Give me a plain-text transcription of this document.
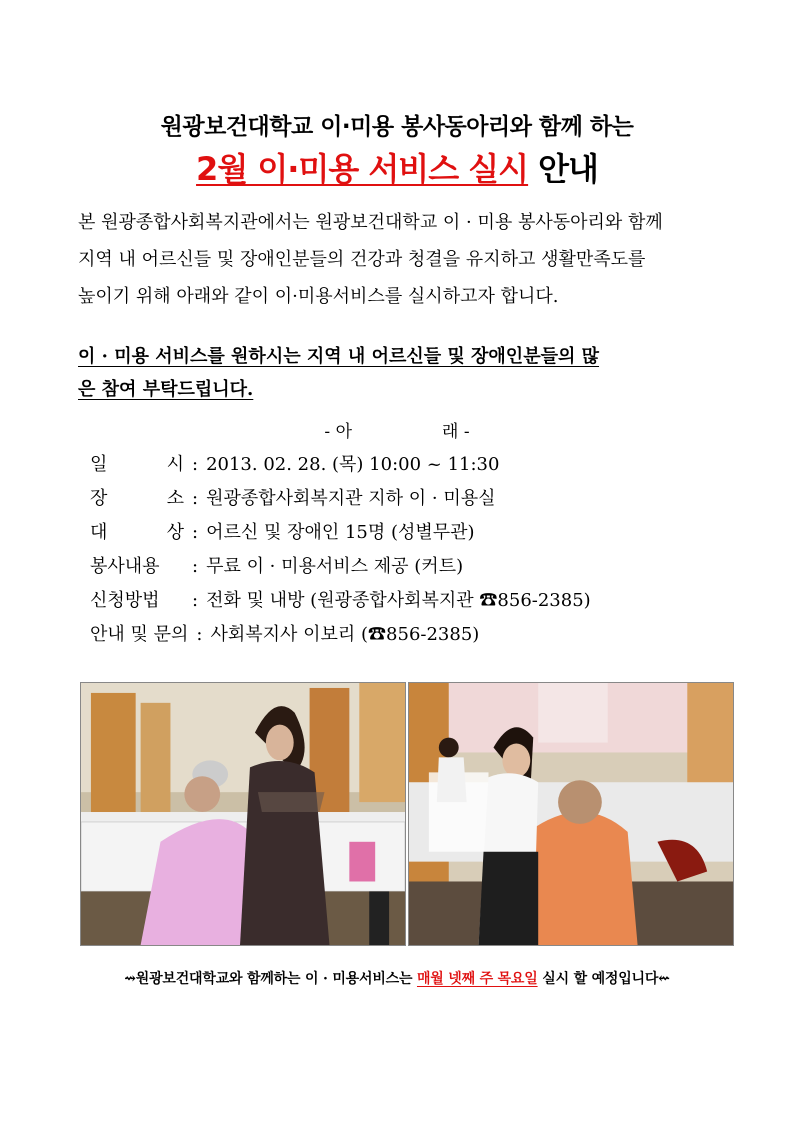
원광보건대학교 이·미용 봉사동아리와 함께 하는
2월 이·미용 서비스 실시 안내
본 원광종합사회복지관에서는 원광보건대학교 이 · 미용 봉사동아리와 함께
지역 내 어르신들 및 장애인분들의 건강과 청결을 유지하고 생활만족도를
높이기 위해 아래와 같이 이·미용서비스를 실시하고자 합니다.
이 · 미용 서비스를 원하시는 지역 내 어르신들 및 장애인분들의 많
은 참여 부탁드립니다.
- 아	래 -
일	시 : 2013. 02. 28. (목) 10:00 ~ 11:30
장	소 : 원광종합사회복지관 지하 이 · 미용실
대	상 : 어르신 및 장애인 15명 (성별무관)
봉사내용	: 무료 이 · 미용서비스 제공 (커트)
신청방법	: 전화 및 내방 (원광종합사회복지관 ☎856-2385)
안내 및 문의 : 사회복지사 이보리 (☎856-2385)
⇝원광보건대학교와 함께하는 이 · 미용서비스는 매월 넷째 주 목요일 실시 할 예정입니다⇜
